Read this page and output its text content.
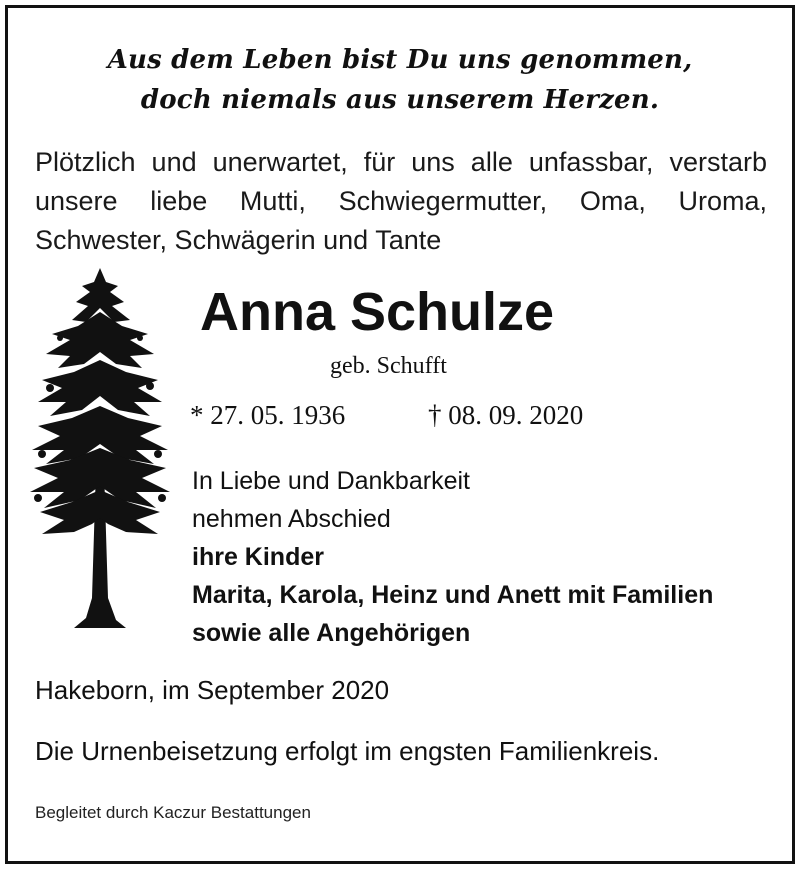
Aus dem Leben bist Du uns genommen,
doch niemals aus unserem Herzen.
Plötzlich und unerwartet, für uns alle unfassbar, verstarb
unsere liebe Mutti, Schwiegermutter, Oma, Uroma,
Schwester, Schwägerin und Tante
Anna Schulze
geb. Schufft
* 27. 05. 1936	† 08. 09. 2020
In Liebe und Dankbarkeit
nehmen Abschied
ihre Kinder
Marita, Karola, Heinz und Anett mit Familien
sowie alle Angehörigen
Hakeborn, im September 2020
Die Urnenbeisetzung erfolgt im engsten Familienkreis.
Begleitet durch Kaczur Bestattungen
